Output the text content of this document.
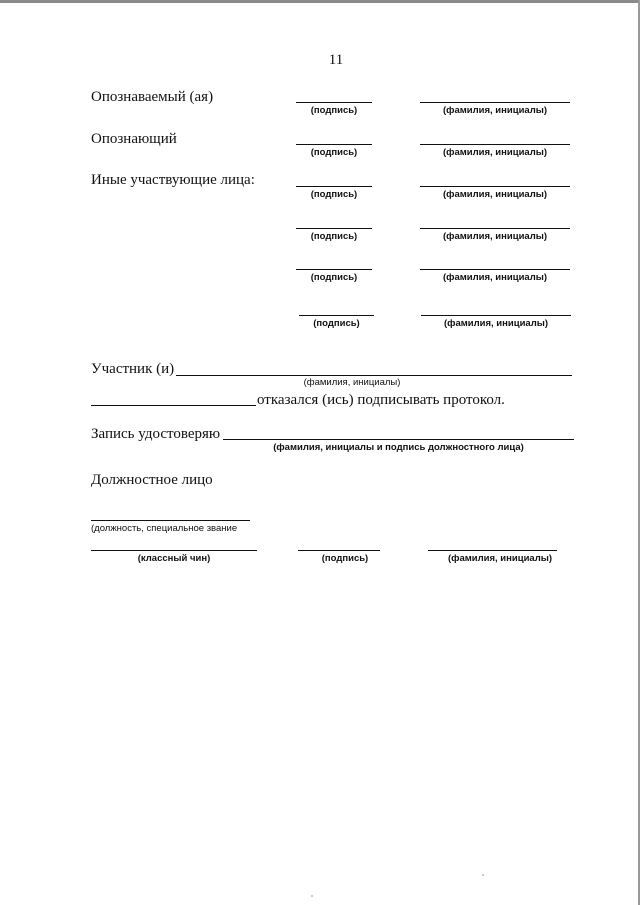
11
Опознаваемый (ая)
(подпись)	(фамилия, инициалы)
Опознающий
(подпись)	(фамилия, инициалы)
Иные участвующие лица:
(подпись)	(фамилия, инициалы)
(подпись)	(фамилия, инициалы)
(подпись)	(фамилия, инициалы)
(подпись)	(фамилия, инициалы)
Участник (и)
(фамилия, инициалы)
отказался (ись) подписывать протокол.
Запись удостоверяю
(фамилия, инициалы и подпись должностного лица)
Должностное лицо
(должность, специальное звание
(классный чин)	(подпись)	(фамилия, инициалы)
